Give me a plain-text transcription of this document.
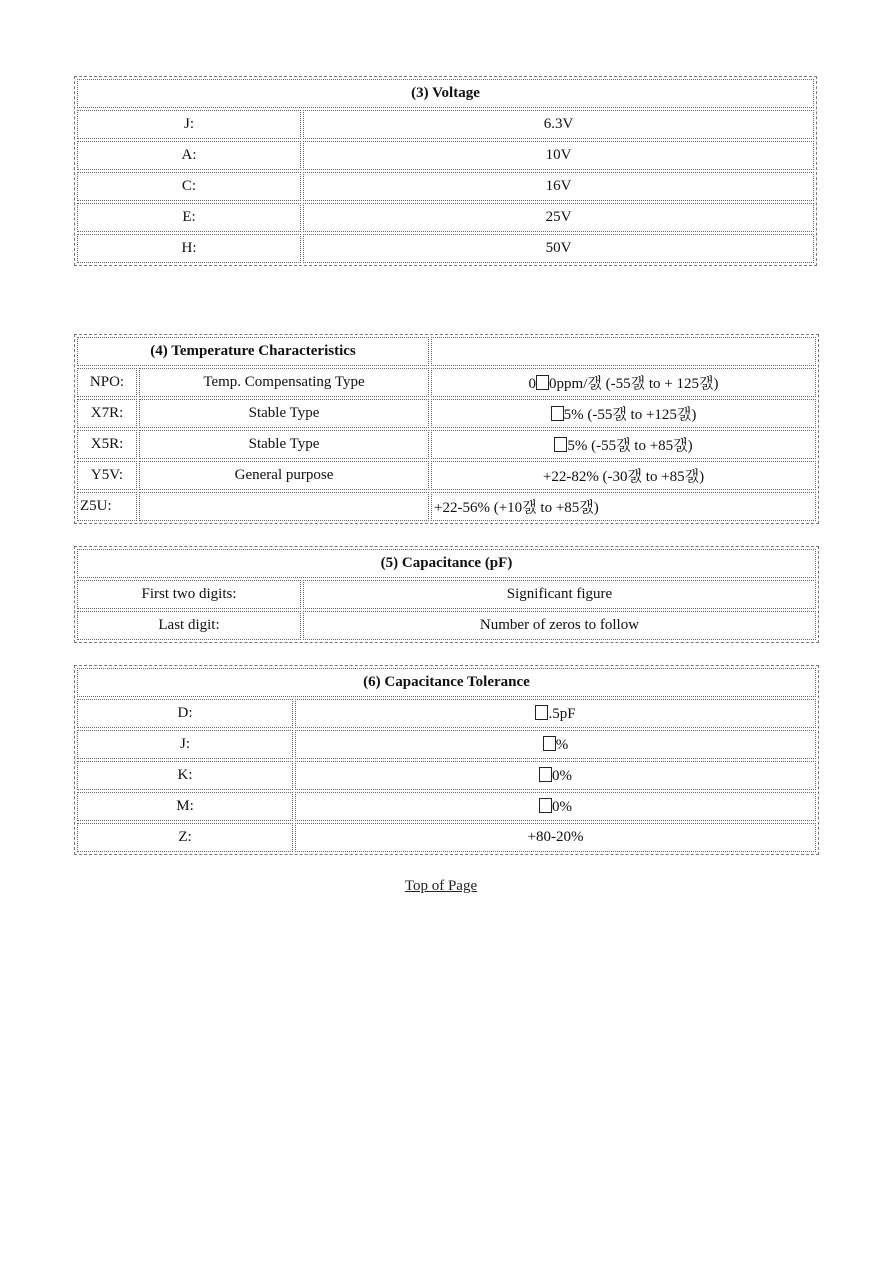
(3) Voltage	
J:	6.3V
A:	10V
C:	16V
E:	25V
H:	50V
(4) Temperature Characteristics		
NPO:	Temp. Compensating Type	0 0ppm/갨 (-55갨 to + 125갨)
X7R:	Stable Type	5% (-55갨 to +125갨)
X5R:	Stable Type	5% (-55갨 to +85갨)
Y5V:	General purpose	+22-82% (-30갨 to +85갨)
Z5U:		+22-56% (+10갨 to +85갨)
(5) Capacitance (pF)	
First two digits:	Significant figure
Last digit:	Number of zeros to follow
(6) Capacitance Tolerance	
D:	.5pF
J:	%
K:	0%
M:	0%
Z:	+80-20%
Top of Page
